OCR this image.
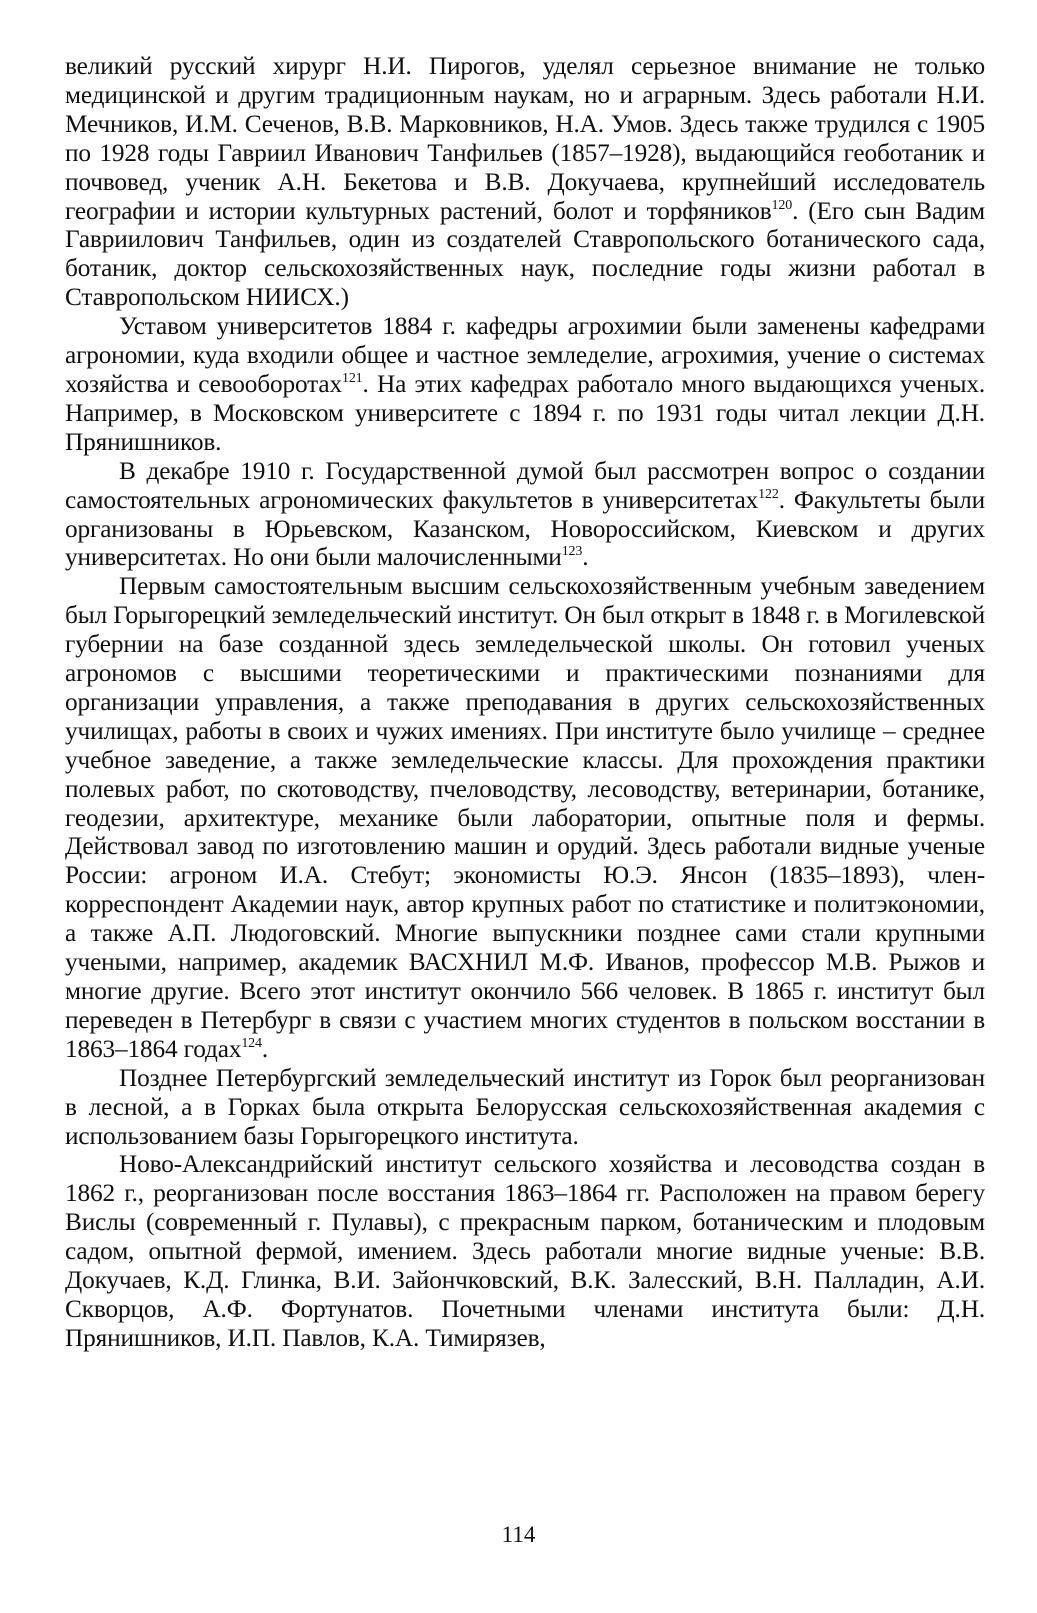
великий русский хирург Н.И. Пирогов, уделял серьезное внимание не только медицинской и другим традиционным наукам, но и аграрным. Здесь работали Н.И. Мечников, И.М. Сеченов, В.В. Марковников, Н.А. Умов. Здесь также трудился с 1905 по 1928 годы Гавриил Иванович Танфильев (1857–1928), выдающийся геоботаник и почвовед, ученик А.Н. Бекетова и В.В. Докучаева, крупнейший исследователь географии и истории культурных растений, болот и торфяников$^{120}$. (Его сын Вадим Гавриилович Танфильев, один из создателей Ставропольского ботанического сада, ботаник, доктор сельскохозяйственных наук, последние годы жизни работал в Ставропольском НИИСХ.)

Уставом университетов 1884 г. кафедры агрохимии были заменены кафедрами агрономии, куда входили общее и частное земледелие, агрохимия, учение о системах хозяйства и севооборотах$^{121}$. На этих кафедрах работало много выдающихся ученых. Например, в Московском университете с 1894 г. по 1931 годы читал лекции Д.Н. Прянишников.

В декабре 1910 г. Государственной думой был рассмотрен вопрос о создании самостоятельных агрономических факультетов в университетах$^{122}$. Факультеты были организованы в Юрьевском, Казанском, Новороссийском, Киевском и других университетах. Но они были малочисленными$^{123}$.

Первым самостоятельным высшим сельскохозяйственным учебным заведением был Горыгорецкий земледельческий институт. Он был открыт в 1848 г. в Могилевской губернии на базе созданной здесь земледельческой школы. Он готовил ученых агрономов с высшими теоретическими и практическими познаниями для организации управления, а также преподавания в других сельскохозяйственных училищах, работы в своих и чужих имениях. При институте было училище – среднее учебное заведение, а также земледельческие классы. Для прохождения практики полевых работ, по скотоводству, пчеловодству, лесоводству, ветеринарии, ботанике, геодезии, архитектуре, механике были лаборатории, опытные поля и фермы. Действовал завод по изготовлению машин и орудий. Здесь работали видные ученые России: агроном И.А. Стебут; экономисты Ю.Э. Янсон (1835–1893), член-корреспондент Академии наук, автор крупных работ по статистике и политэкономии, а также А.П. Людоговский. Многие выпускники позднее сами стали крупными учеными, например, академик ВАСХНИЛ М.Ф. Иванов, профессор М.В. Рыжов и многие другие. Всего этот институт окончило 566 человек. В 1865 г. институт был переведен в Петербург в связи с участием многих студентов в польском восстании в 1863–1864 годах$^{124}$.

Позднее Петербургский земледельческий институт из Горок был реорганизован в лесной, а в Горках была открыта Белорусская сельскохозяйственная академия с использованием базы Горыгорецкого института.

Ново-Александрийский институт сельского хозяйства и лесоводства создан в 1862 г., реорганизован после восстания 1863–1864 гг. Расположен на правом берегу Вислы (современный г. Пулавы), с прекрасным парком, ботаническим и плодовым садом, опытной фермой, имением. Здесь работали многие видные ученые: В.В. Докучаев, К.Д. Глинка, В.И. Зайончковский, В.К. Залесский, В.Н. Палладин, А.И. Скворцов, А.Ф. Фортунатов. Почетными членами института были: Д.Н. Прянишников, И.П. Павлов, К.А. Тимирязев,

114
